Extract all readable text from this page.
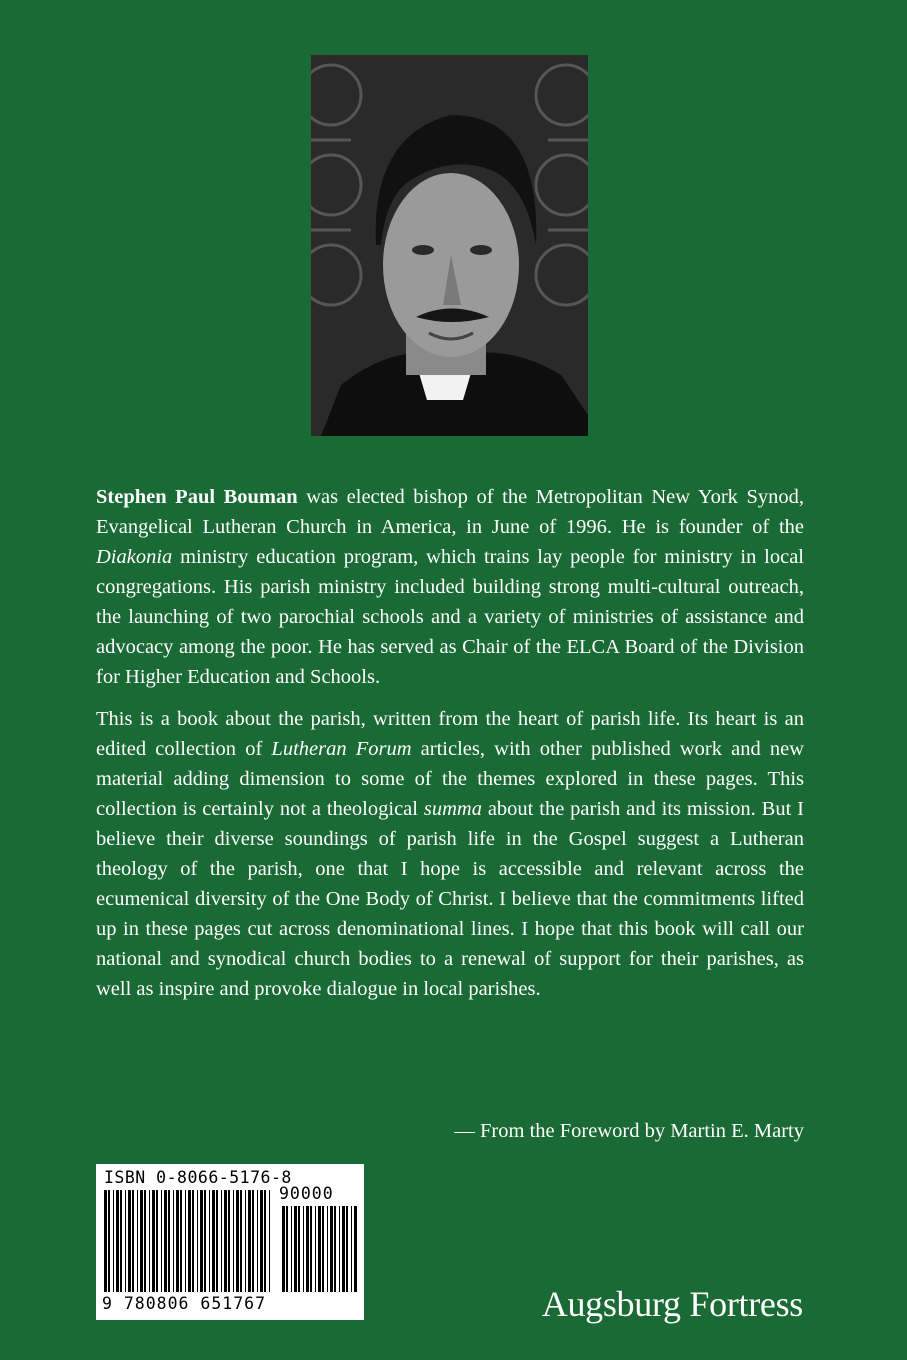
Stephen Paul Bouman was elected bishop of the Metropolitan New York Synod, Evangelical Lutheran Church in America, in June of 1996. He is founder of the Diakonia ministry education program, which trains lay people for ministry in local congregations. His parish ministry included building strong multi-cultural outreach, the launching of two parochial schools and a variety of ministries of assistance and advocacy among the poor. He has served as Chair of the ELCA Board of the Division for Higher Education and Schools.

This is a book about the parish, written from the heart of parish life. Its heart is an edited collection of Lutheran Forum articles, with other published work and new material adding dimension to some of the themes explored in these pages. This collection is certainly not a theological summa about the parish and its mission. But I believe their diverse soundings of parish life in the Gospel suggest a Lutheran theology of the parish, one that I hope is accessible and relevant across the ecumenical diversity of the One Body of Christ. I believe that the commitments lifted up in these pages cut across denominational lines. I hope that this book will call our national and synodical church bodies to a renewal of support for their parishes, as well as inspire and provoke dialogue in local parishes.

— From the Foreword by Martin E. Marty
ISBN 0-8066-5176-8
90000
9 780806 651767	Augsburg Fortress
